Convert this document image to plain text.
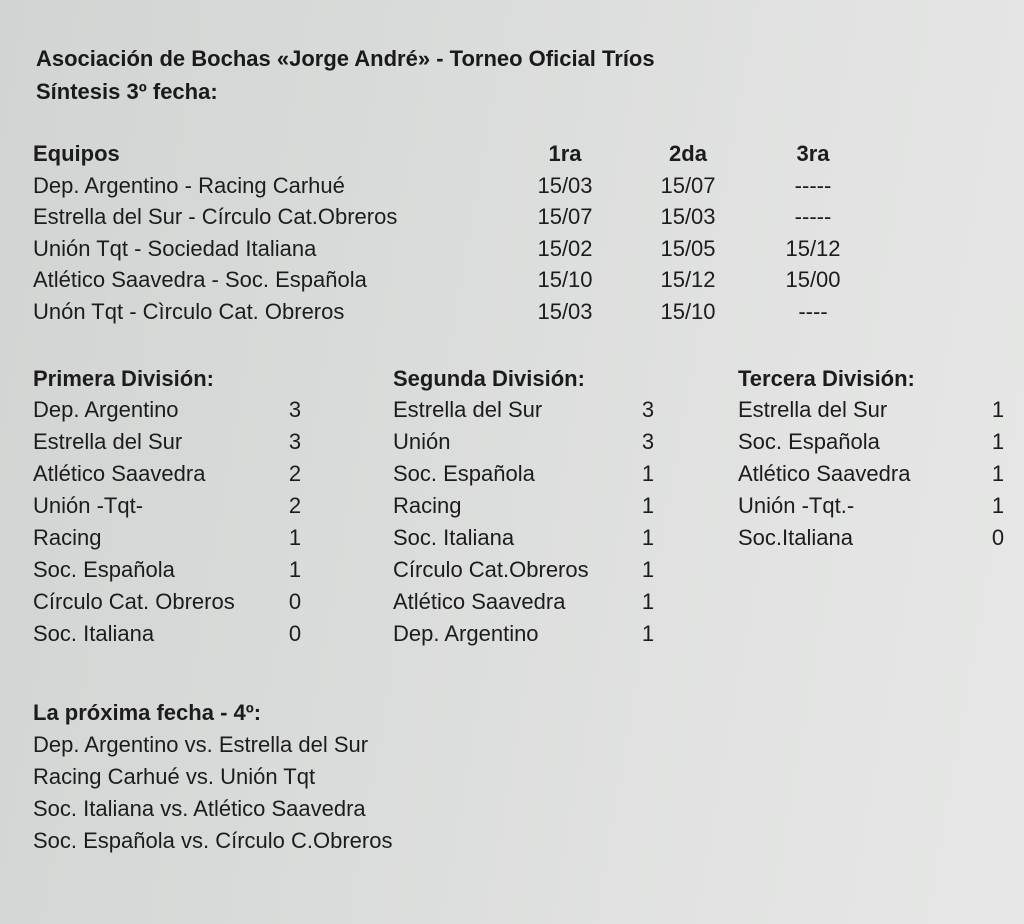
Asociación de Bochas «Jorge André» - Torneo Oficial Tríos
Síntesis 3º fecha:
Equipos	1ra	2da	3ra
Dep. Argentino - Racing Carhué	15/03	15/07	-----
Estrella del Sur - Círculo Cat.Obreros	15/07	15/03	-----
Unión Tqt - Sociedad Italiana	15/02	15/05	15/12
Atlético Saavedra - Soc. Española	15/10	15/12	15/00
Unón Tqt - Cìrculo Cat. Obreros	15/03	15/10	----
Primera División:
Dep. Argentino	3
Estrella del Sur	3
Atlético Saavedra	2
Unión -Tqt-	2
Racing	1
Soc. Española	1
Círculo Cat. Obreros 0
Soc. Italiana	0
Segunda División:
Estrella del Sur	3
Unión	3
Soc. Española	1
Racing	1
Soc. Italiana	1
Círculo Cat.Obreros 1
Atlético Saavedra	1
Dep. Argentino	1
Tercera División:
Estrella del Sur	1
Soc. Española	1
Atlético Saavedra	1
Unión -Tqt.-	1
Soc.Italiana	0
La próxima fecha - 4º:
Dep. Argentino vs. Estrella del Sur
Racing Carhué vs. Unión Tqt
Soc. Italiana vs. Atlético Saavedra
Soc. Española vs. Círculo C.Obreros
